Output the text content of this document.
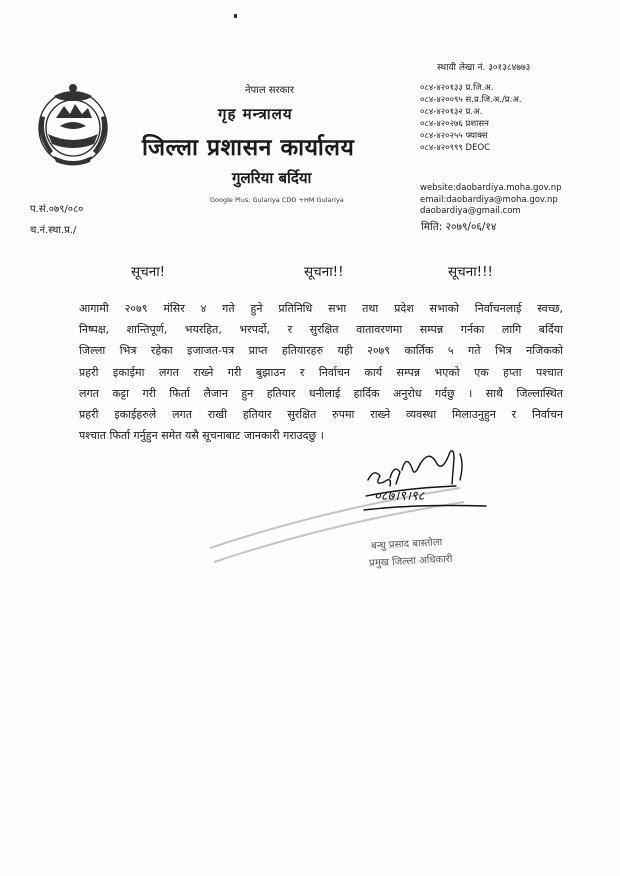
नेपाल सरकार
गृह मन्त्रालय
जिल्ला प्रशासन कार्यालय
गुलरिया बर्दिया
Google Plus: Gulariya CDO +HM Gulariya
स्थायी लेखा नं. ३०१३८४७७३
०८४-४२०१३३ प्र.जि.अ.
०८४-४२००९५ स.प्र.जि.अ./प्र.अ.
०८४-४२०१३२ प्र.अ.
०८४-४२०२७६ प्रशासन
०८४-४२०२५५ फ्याक्स
०८४-४२०९९९ DEOC
website:daobardiya.moha.gov.np
email:daobardiya@moha.gov.np
daobardiya@gmail.com
प.सं.०७९/०८०
च.नं.स्था.प्र./	मिति: २०७९/०६/१४
सूचना!	सूचना!!	सूचना!!!
आगामी २०७९ मंसिर ४ गते हुने प्रतिनिधि सभा तथा प्रदेश सभाको निर्वाचनलाई स्वच्छ,
निष्पक्ष, शान्तिपूर्ण, भयरहित, भरपर्दो, र सुरक्षित वातावरणमा सम्पन्न गर्नका लागि बर्दिया
जिल्ला भित्र रहेका इजाजत-पत्र प्राप्त हतियारहरु यही २०७९ कार्तिक ५ गते भित्र नजिकको
प्रहरी इकाईमा लगत राख्ने गरी बुझाउन र निर्वाचन कार्य सम्पन्न भएको एक हप्ता पश्चात
लगत कट्टा गरी फिर्ता लैजान हुन हतियार धनीलाई हार्दिक अनुरोध गर्दछु । साथै जिल्लास्थित
प्रहरी इकाईहरुले लगत राखी हतियार सुरक्षित रुपमा राख्ने व्यवस्था मिलाउनुहुन र निर्वाचन
पश्चात फिर्ता गर्नुहुन समेत यसै सूचनाबाट जानकारी गराउदछु ।
०८७।९।९८
बन्धु प्रसाद बास्तोला
प्रमुख जिल्ला अधिकारी
